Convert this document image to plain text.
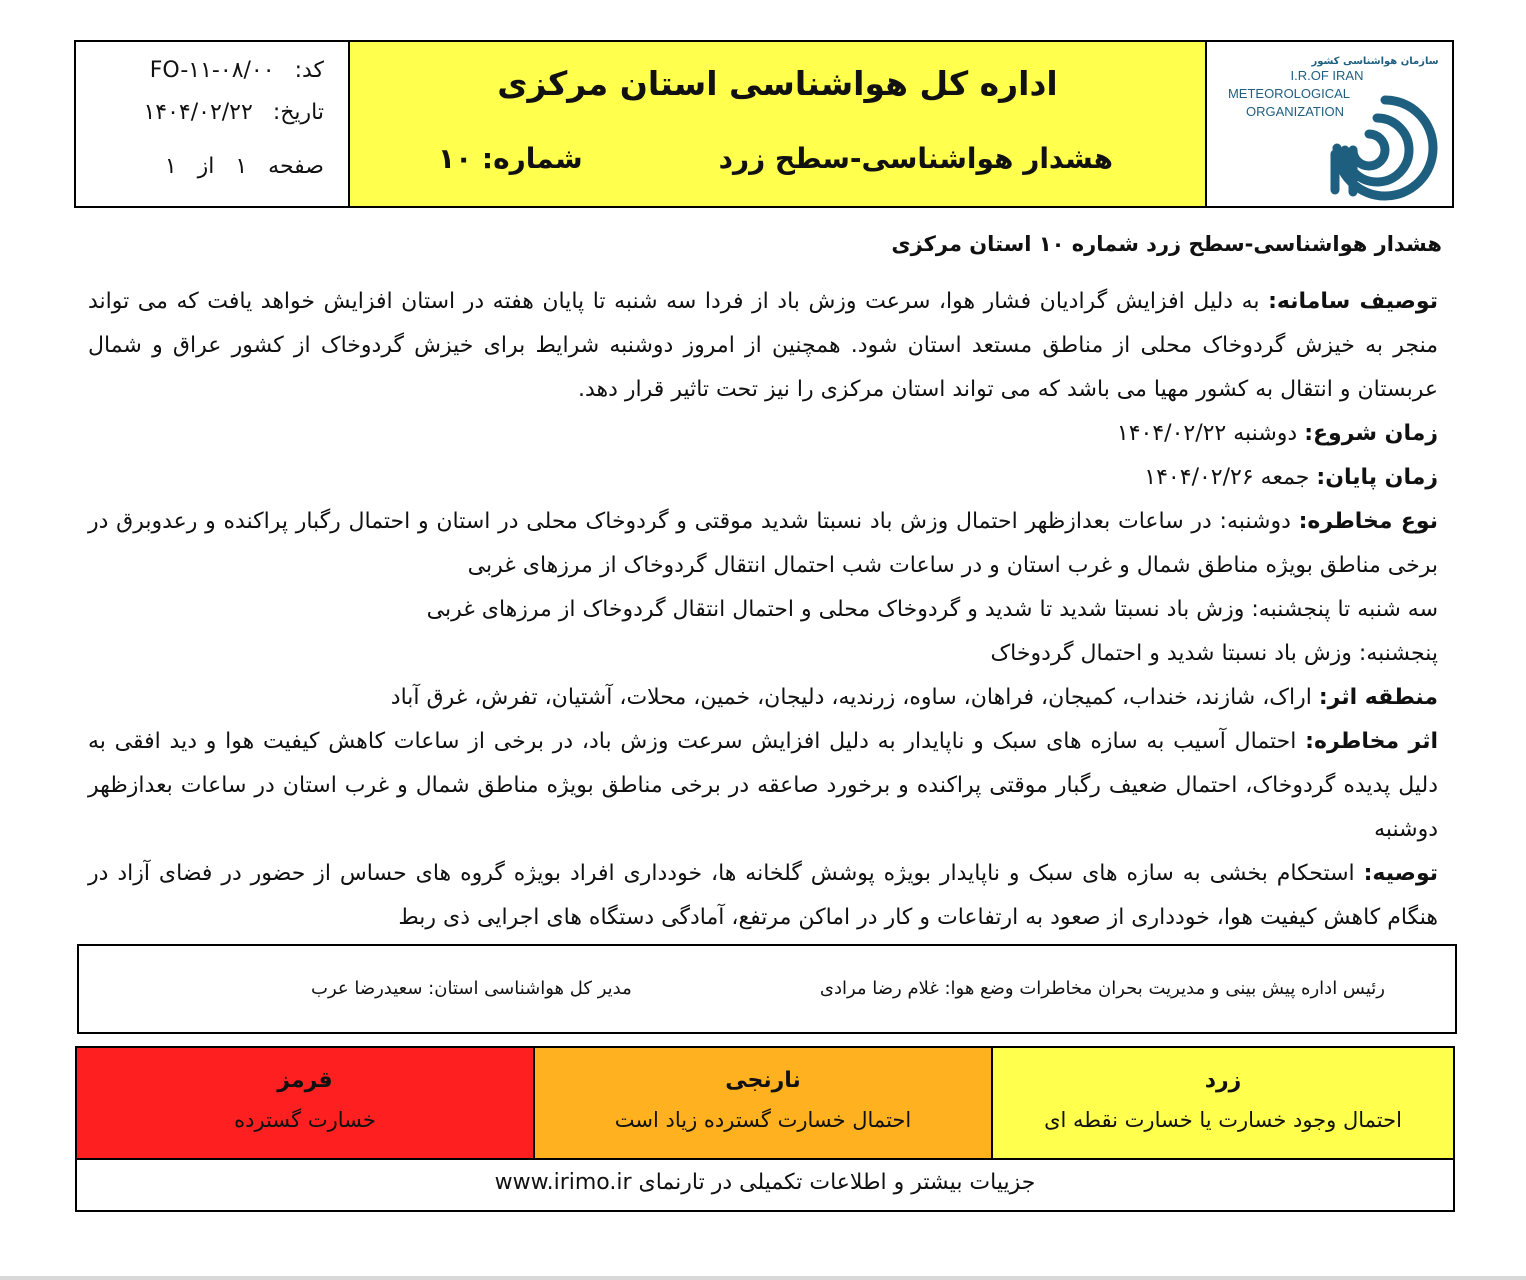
سازمان هواشناسی کشور
I.R.OF IRAN
METEOROLOGICAL
ORGANIZATION
اداره کل هواشناسی استان مرکزی
هشدار هواشناسی-سطح زرد
شماره: ۱۰
کد:
FO-۱۱-۰۸/۰۰
تاریخ:
۱۴۰۴/۰۲/۲۲
صفحه   ۱   از   ۱
هشدار هواشناسی-سطح زرد شماره ۱۰ استان مرکزی

توصیف سامانه: به دلیل افزایش گرادیان فشار هوا، سرعت وزش باد از فردا سه شنبه تا پایان هفته در استان افزایش خواهد یافت که می تواند منجر به خیزش گردوخاک محلی از مناطق مستعد استان شود. همچنین از امروز دوشنبه شرایط برای خیزش گردوخاک از کشور عراق و شمال عربستان و انتقال به کشور مهیا می باشد که می تواند استان مرکزی را نیز تحت تاثیر قرار دهد.

زمان شروع: دوشنبه ۱۴۰۴/۰۲/۲۲

زمان پایان: جمعه ۱۴۰۴/۰۲/۲۶

نوع مخاطره: دوشنبه: در ساعات بعدازظهر احتمال وزش باد نسبتا شدید موقتی و گردوخاک محلی در استان و احتمال رگبار پراکنده و رعدوبرق در برخی مناطق بویژه مناطق شمال و غرب استان و در ساعات شب احتمال انتقال گردوخاک از مرزهای غربی

سه شنبه تا پنجشنبه: وزش باد نسبتا شدید تا شدید و گردوخاک محلی و احتمال انتقال گردوخاک از مرزهای غربی

پنجشنبه: وزش باد نسبتا شدید و احتمال گردوخاک

منطقه اثر: اراک، شازند، خنداب، کمیجان، فراهان، ساوه، زرندیه، دلیجان، خمین، محلات، آشتیان، تفرش، غرق آباد

اثر مخاطره: احتمال آسیب به سازه های سبک و ناپایدار به دلیل افزایش سرعت وزش باد، در برخی از ساعات کاهش کیفیت هوا و دید افقی به دلیل پدیده گردوخاک، احتمال ضعیف رگبار موقتی پراکنده و برخورد صاعقه در برخی مناطق بویژه مناطق شمال و غرب استان در ساعات بعدازظهر دوشنبه

توصیه: استحکام بخشی به سازه های سبک و ناپایدار بویژه پوشش گلخانه ها، خودداری افراد بویژه گروه های حساس از حضور در فضای آزاد در هنگام کاهش کیفیت هوا، خودداری از صعود به ارتفاعات و کار در اماکن مرتفع، آمادگی دستگاه های اجرایی ذی ربط

رئیس اداره پیش بینی و مدیریت بحران مخاطرات وضع هوا: غلام رضا مرادی
مدیر کل هواشناسی استان: سعیدرضا عرب
زرد
احتمال وجود خسارت یا خسارت نقطه ای
نارنجی
احتمال خسارت گسترده زیاد است
قرمز
خسارت گسترده
جزییات بیشتر و اطلاعات تکمیلی در تارنمای www.irimo.ir
